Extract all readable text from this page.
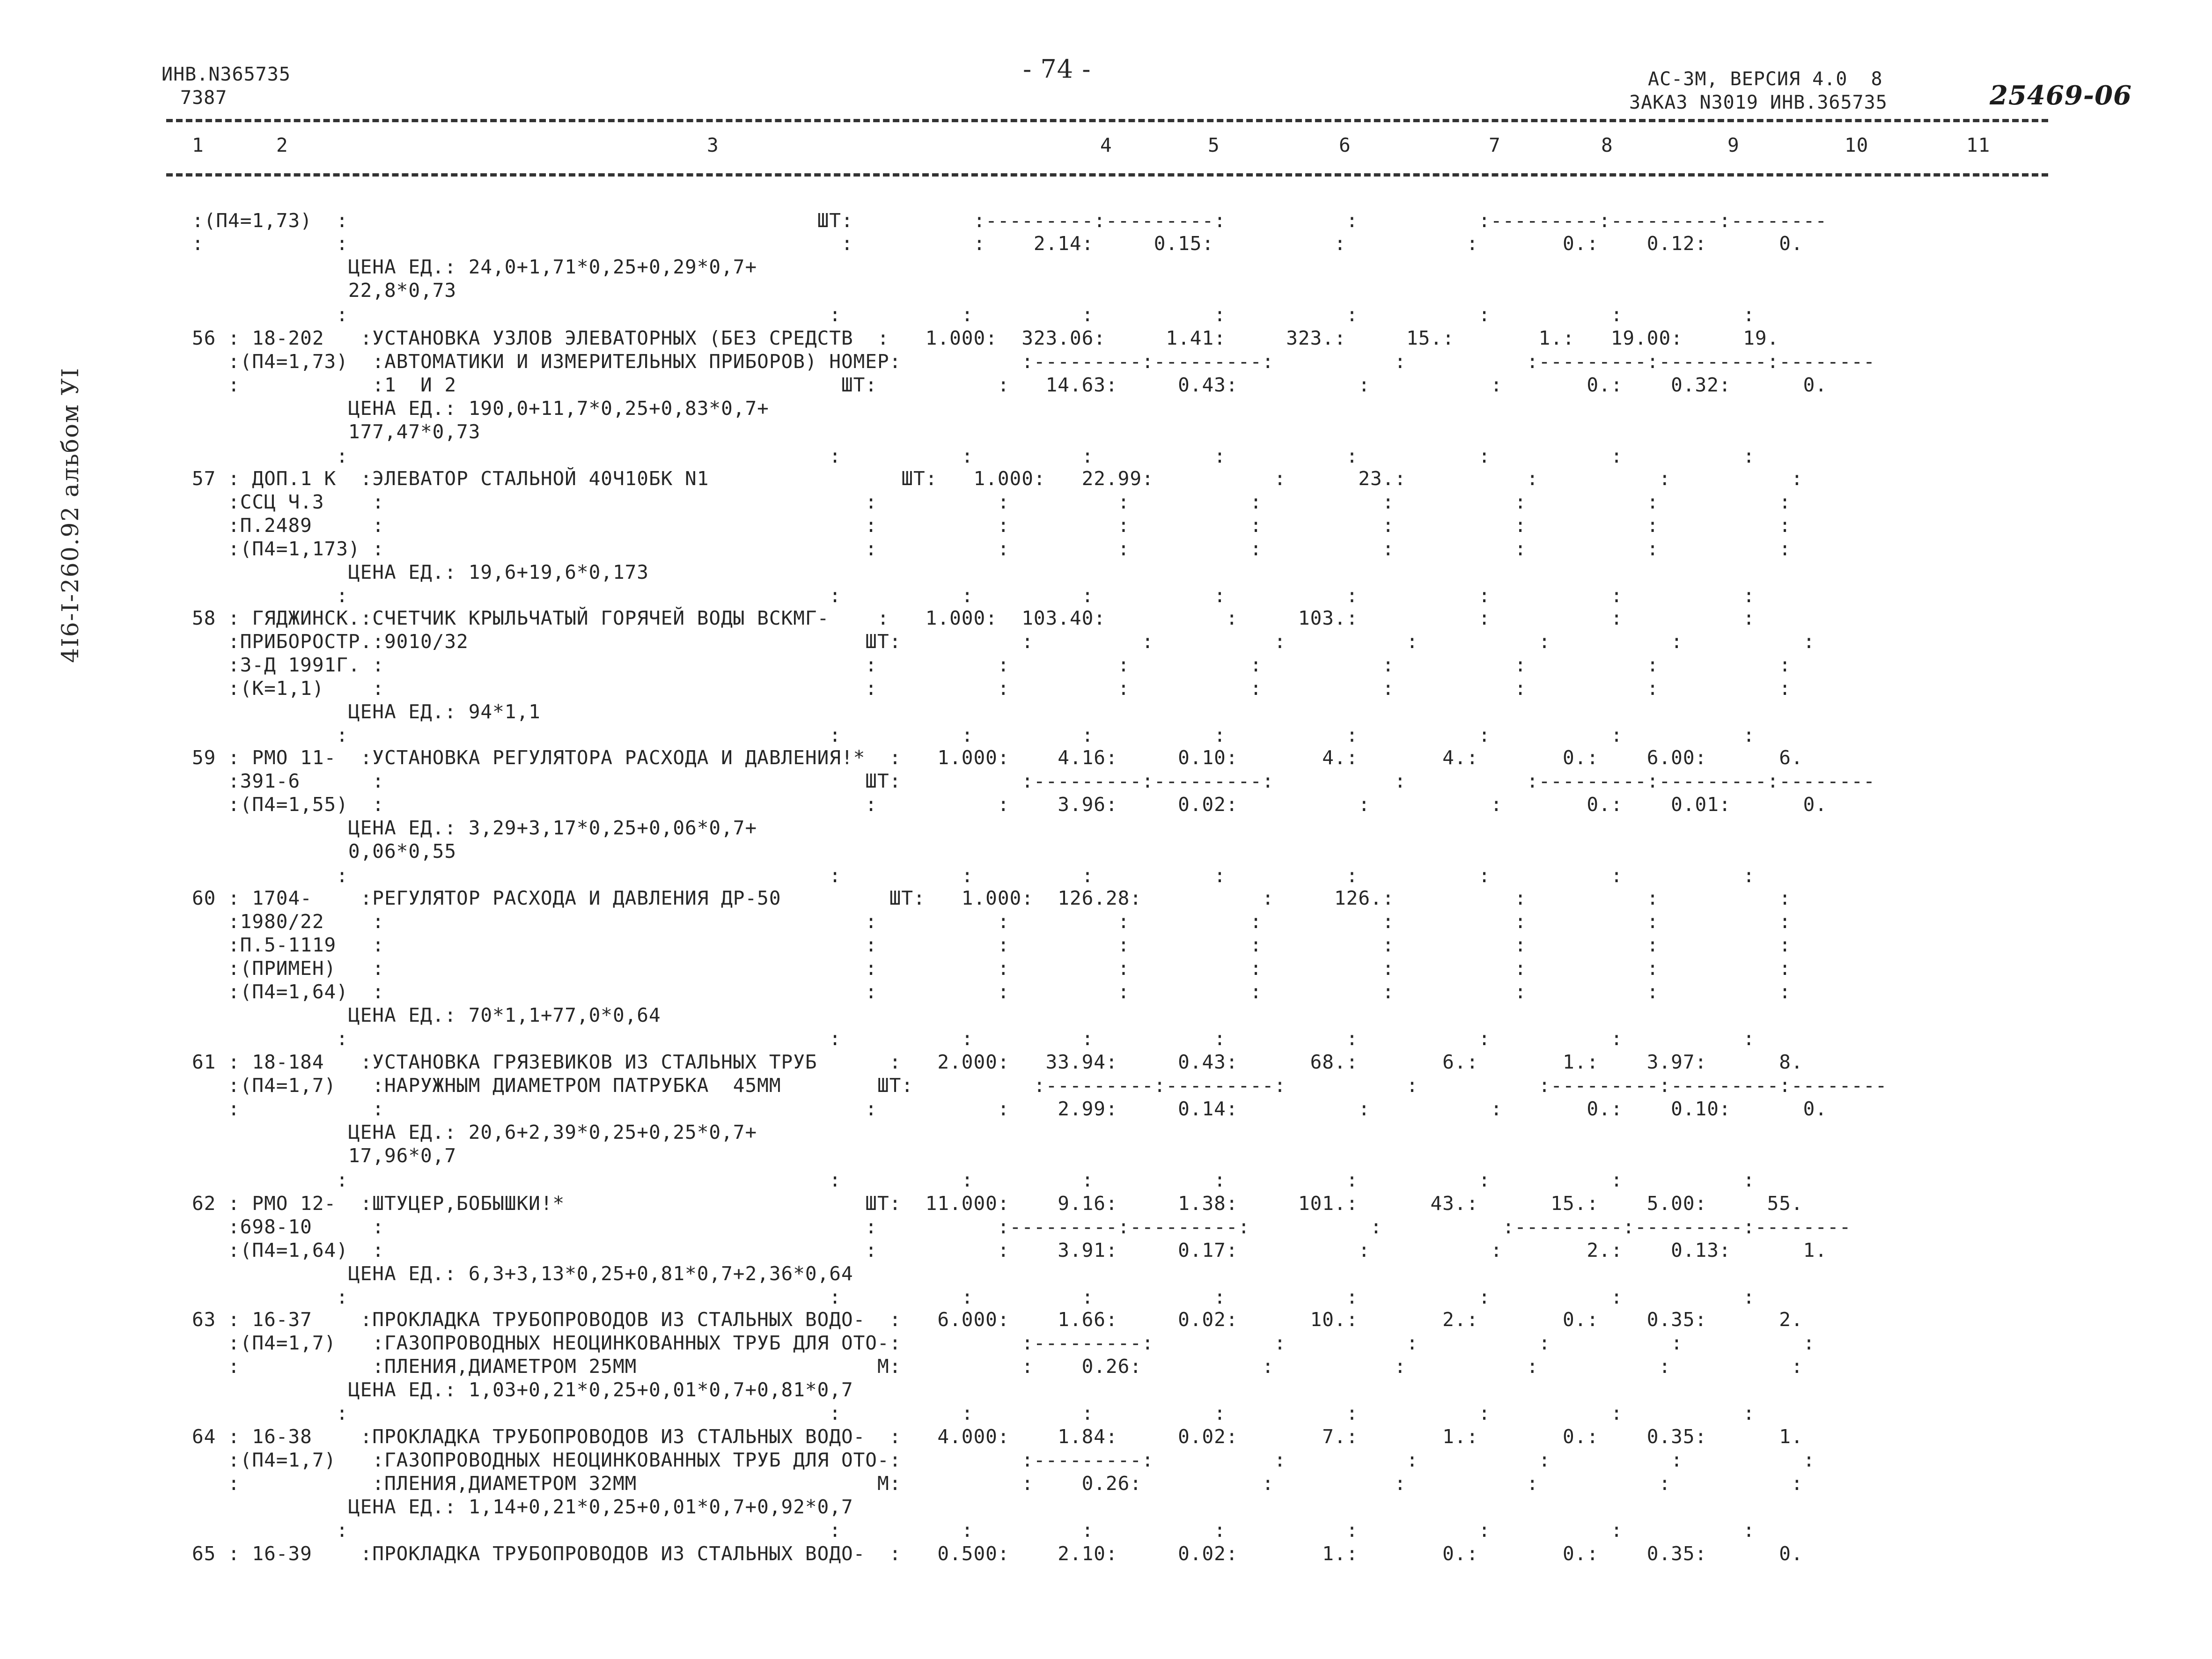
ИНВ.N365735
7387
- 74 -	АС-3М, ВЕРСИЯ 4.0  8
ЗАКАЗ N3019 ИНВ.365735	25469-06
4I6-I-260.92 альбом УI
1	2	3	4	5	6	7	8	9	10	11
:(П4=1,73)  :                                       ШТ:          :---------:---------:          :          :---------:---------:--------
:           :                                         :          :    2.14:     0.15:          :          :       0.:    0.12:      0.
ЦЕНА ЕД.: 24,0+1,71*0,25+0,29*0,7+
22,8*0,73
:                                        :          :         :          :          :          :          :          :
56 : 18-202   :УСТАНОВКА УЗЛОВ ЭЛЕВАТОРНЫХ (БЕЗ СРЕДСТВ  :   1.000:  323.06:     1.41:     323.:     15.:       1.:   19.00:     19.
:(П4=1,73)  :АВТОМАТИКИ И ИЗМЕРИТЕЛЬНЫХ ПРИБОРОВ) НОМЕР:          :---------:---------:          :          :---------:---------:--------
:           :1  И 2                                ШТ:          :   14.63:     0.43:          :          :       0.:    0.32:      0.
ЦЕНА ЕД.: 190,0+11,7*0,25+0,83*0,7+
177,47*0,73
:                                        :          :         :          :          :          :          :          :
57 : ДОП.1 К  :ЭЛЕВАТОР СТАЛЬНОЙ 40Ч10БК N1                ШТ:   1.000:   22.99:          :      23.:          :          :          :
:ССЦ Ч.3    :                                        :          :         :          :          :          :          :          :
:П.2489     :                                        :          :         :          :          :          :          :          :
:(П4=1,173) :                                        :          :         :          :          :          :          :          :
ЦЕНА ЕД.: 19,6+19,6*0,173
:                                        :          :         :          :          :          :          :          :
58 : ГЯДЖИНСК.:СЧЕТЧИК КРЫЛЬЧАТЫЙ ГОРЯЧЕЙ ВОДЫ ВСКМГ-    :   1.000:  103.40:          :     103.:          :          :          :
:ПРИБОРОСТР.:9010/32                                 ШТ:          :         :          :          :          :          :          :
:3-Д 1991Г. :                                        :          :         :          :          :          :          :          :
:(К=1,1)    :                                        :          :         :          :          :          :          :          :
ЦЕНА ЕД.: 94*1,1
:                                        :          :         :          :          :          :          :          :
59 : РМО 11-  :УСТАНОВКА РЕГУЛЯТОРА РАСХОДА И ДАВЛЕНИЯ!*  :   1.000:    4.16:     0.10:       4.:       4.:       0.:    6.00:      6.
:391-6      :                                        ШТ:          :---------:---------:          :          :---------:---------:--------
:(П4=1,55)  :                                        :          :    3.96:     0.02:          :          :       0.:    0.01:      0.
ЦЕНА ЕД.: 3,29+3,17*0,25+0,06*0,7+
0,06*0,55
:                                        :          :         :          :          :          :          :          :
60 : 1704-    :РЕГУЛЯТОР РАСХОДА И ДАВЛЕНИЯ ДР-50         ШТ:   1.000:  126.28:          :     126.:          :          :          :
:1980/22    :                                        :          :         :          :          :          :          :          :
:П.5-1119   :                                        :          :         :          :          :          :          :          :
:(ПРИМЕН)   :                                        :          :         :          :          :          :          :          :
:(П4=1,64)  :                                        :          :         :          :          :          :          :          :
ЦЕНА ЕД.: 70*1,1+77,0*0,64
:                                        :          :         :          :          :          :          :          :
61 : 18-184   :УСТАНОВКА ГРЯЗЕВИКОВ ИЗ СТАЛЬНЫХ ТРУБ      :   2.000:   33.94:     0.43:      68.:       6.:       1.:    3.97:      8.
:(П4=1,7)   :НАРУЖНЫМ ДИАМЕТРОМ ПАТРУБКА  45ММ        ШТ:          :---------:---------:          :          :---------:---------:--------
:           :                                        :          :    2.99:     0.14:          :          :       0.:    0.10:      0.
ЦЕНА ЕД.: 20,6+2,39*0,25+0,25*0,7+
17,96*0,7
:                                        :          :         :          :          :          :          :          :
62 : РМО 12-  :ШТУЦЕР,БОБЫШКИ!*                         ШТ:  11.000:    9.16:     1.38:     101.:      43.:      15.:    5.00:     55.
:698-10     :                                        :          :---------:---------:          :          :---------:---------:--------
:(П4=1,64)  :                                        :          :    3.91:     0.17:          :          :       2.:    0.13:      1.
ЦЕНА ЕД.: 6,3+3,13*0,25+0,81*0,7+2,36*0,64
:                                        :          :         :          :          :          :          :          :
63 : 16-37    :ПРОКЛАДКА ТРУБОПРОВОДОВ ИЗ СТАЛЬНЫХ ВОДО-  :   6.000:    1.66:     0.02:      10.:       2.:       0.:    0.35:      2.
:(П4=1,7)   :ГАЗОПРОВОДНЫХ НЕОЦИНКОВАННЫХ ТРУБ ДЛЯ ОТО-:          :---------:          :          :          :          :          :
:           :ПЛЕНИЯ,ДИАМЕТРОМ 25ММ                    М:          :    0.26:          :          :          :          :          :
ЦЕНА ЕД.: 1,03+0,21*0,25+0,01*0,7+0,81*0,7
:                                        :          :         :          :          :          :          :          :
64 : 16-38    :ПРОКЛАДКА ТРУБОПРОВОДОВ ИЗ СТАЛЬНЫХ ВОДО-  :   4.000:    1.84:     0.02:       7.:       1.:       0.:    0.35:      1.
:(П4=1,7)   :ГАЗОПРОВОДНЫХ НЕОЦИНКОВАННЫХ ТРУБ ДЛЯ ОТО-:          :---------:          :          :          :          :          :
:           :ПЛЕНИЯ,ДИАМЕТРОМ 32ММ                    М:          :    0.26:          :          :          :          :          :
ЦЕНА ЕД.: 1,14+0,21*0,25+0,01*0,7+0,92*0,7
:                                        :          :         :          :          :          :          :          :
65 : 16-39    :ПРОКЛАДКА ТРУБОПРОВОДОВ ИЗ СТАЛЬНЫХ ВОДО-  :   0.500:    2.10:     0.02:       1.:       0.:       0.:    0.35:      0.
